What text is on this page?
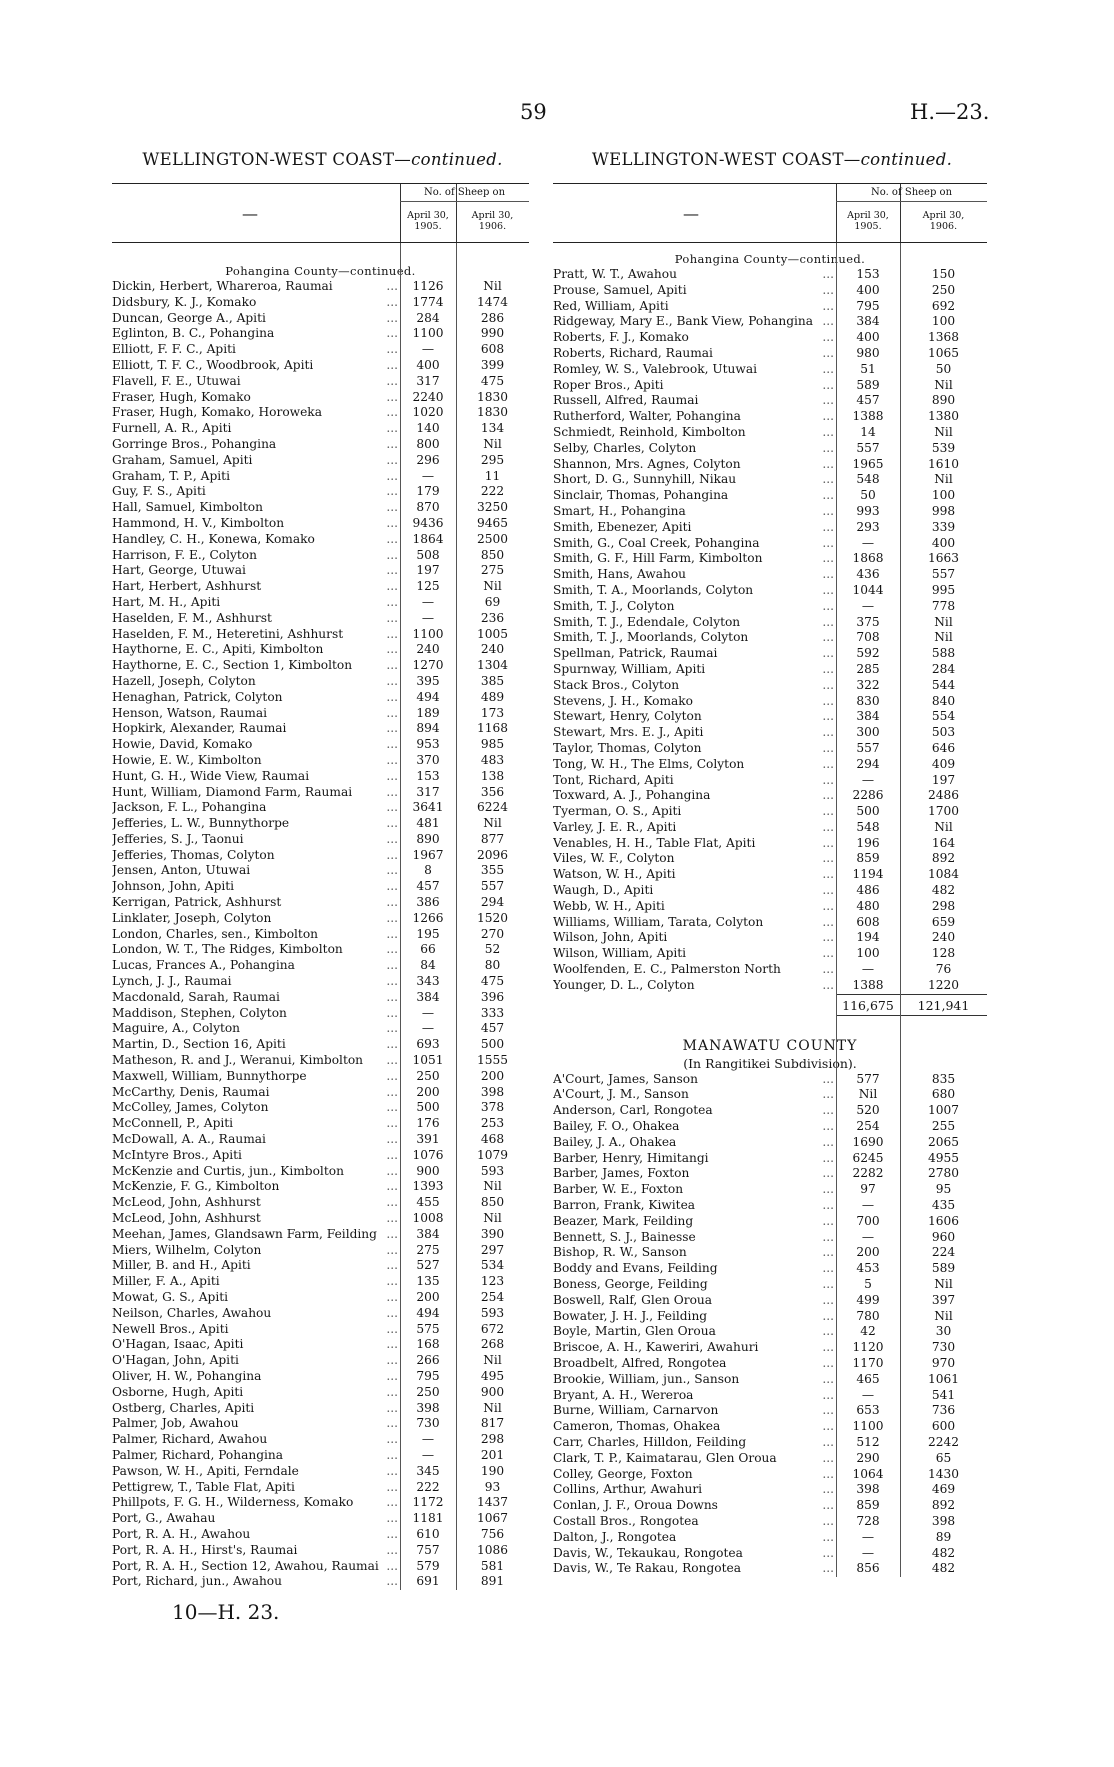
59	H.—23.
WELLINGTON-WEST COAST—continued.
—
No. of Sheep on
April 30,
1905.
April 30,
1906.
Pohangina County—continued.
Dickin, Herbert, Whareroa, Raumai	...	1126	Nil
Didsbury, K. J., Komako	...	1774	1474
Duncan, George A., Apiti	...	284	286
Eglinton, B. C., Pohangina	...	1100	990
Elliott, F. F. C., Apiti	...	—	608
Elliott, T. F. C., Woodbrook, Apiti	...	400	399
Flavell, F. E., Utuwai	...	317	475
Fraser, Hugh, Komako	...	2240	1830
Fraser, Hugh, Komako, Horoweka	...	1020	1830
Furnell, A. R., Apiti	...	140	134
Gorringe Bros., Pohangina	...	800	Nil
Graham, Samuel, Apiti	...	296	295
Graham, T. P., Apiti	...	—	11
Guy, F. S., Apiti	...	179	222
Hall, Samuel, Kimbolton	...	870	3250
Hammond, H. V., Kimbolton	...	9436	9465
Handley, C. H., Konewa, Komako	...	1864	2500
Harrison, F. E., Colyton	...	508	850
Hart, George, Utuwai	...	197	275
Hart, Herbert, Ashhurst	...	125	Nil
Hart, M. H., Apiti	...	—	69
Haselden, F. M., Ashhurst	...	—	236
Haselden, F. M., Heteretini, Ashhurst	...	1100	1005
Haythorne, E. C., Apiti, Kimbolton	...	240	240
Haythorne, E. C., Section 1, Kimbolton	...	1270	1304
Hazell, Joseph, Colyton	...	395	385
Henaghan, Patrick, Colyton	...	494	489
Henson, Watson, Raumai	...	189	173
Hopkirk, Alexander, Raumai	...	894	1168
Howie, David, Komako	...	953	985
Howie, E. W., Kimbolton	...	370	483
Hunt, G. H., Wide View, Raumai	...	153	138
Hunt, William, Diamond Farm, Raumai	...	317	356
Jackson, F. L., Pohangina	...	3641	6224
Jefferies, L. W., Bunnythorpe	...	481	Nil
Jefferies, S. J., Taonui	...	890	877
Jefferies, Thomas, Colyton	...	1967	2096
Jensen, Anton, Utuwai	...	8	355
Johnson, John, Apiti	...	457	557
Kerrigan, Patrick, Ashhurst	...	386	294
Linklater, Joseph, Colyton	...	1266	1520
London, Charles, sen., Kimbolton	...	195	270
London, W. T., The Ridges, Kimbolton	...	66	52
Lucas, Frances A., Pohangina	...	84	80
Lynch, J. J., Raumai	...	343	475
Macdonald, Sarah, Raumai	...	384	396
Maddison, Stephen, Colyton	...	—	333
Maguire, A., Colyton	...	—	457
Martin, D., Section 16, Apiti	...	693	500
Matheson, R. and J., Weranui, Kimbolton ...	1051	1555
Maxwell, William, Bunnythorpe	...	250	200
McCarthy, Denis, Raumai	...	200	398
McColley, James, Colyton	...	500	378
McConnell, P., Apiti	...	176	253
McDowall, A. A., Raumai	...	391	468
McIntyre Bros., Apiti	...	1076	1079
McKenzie and Curtis, jun., Kimbolton	...	900	593
McKenzie, F. G., Kimbolton	...	1393	Nil
McLeod, John, Ashhurst	...	455	850
McLeod, John, Ashhurst	...	1008	Nil
Meehan, James, Glandsawn Farm, Feilding ...	384	390
Miers, Wilhelm, Colyton	...	275	297
Miller, B. and H., Apiti	...	527	534
Miller, F. A., Apiti	...	135	123
Mowat, G. S., Apiti	...	200	254
Neilson, Charles, Awahou	...	494	593
Newell Bros., Apiti	...	575	672
O'Hagan, Isaac, Apiti	...	168	268
O'Hagan, John, Apiti	...	266	Nil
Oliver, H. W., Pohangina	...	795	495
Osborne, Hugh, Apiti	...	250	900
Ostberg, Charles, Apiti	...	398	Nil
Palmer, Job, Awahou	...	730	817
Palmer, Richard, Awahou	...	—	298
Palmer, Richard, Pohangina	...	—	201
Pawson, W. H., Apiti, Ferndale	...	345	190
Pettigrew, T., Table Flat, Apiti	...	222	93
Phillpots, F. G. H., Wilderness, Komako	...	1172	1437
Port, G., Awahau	...	1181	1067
Port, R. A. H., Awahou	...	610	756
Port, R. A. H., Hirst's, Raumai	...	757	1086
Port, R. A. H., Section 12, Awahou, Raumai ...	579	581
Port, Richard, jun., Awahou	...	691	891
10—H. 23.
WELLINGTON-WEST COAST—continued.
—
No. of Sheep on
April 30,
1905.
April 30,
1906.
Pohangina County—continued.
Pratt, W. T., Awahou	...	153	150
Prouse, Samuel, Apiti	...	400	250
Red, William, Apiti	...	795	692
Ridgeway, Mary E., Bank View, Pohangina ...	384	100
Roberts, F. J., Komako	...	400	1368
Roberts, Richard, Raumai	...	980	1065
Romley, W. S., Valebrook, Utuwai	...	51	50
Roper Bros., Apiti	...	589	Nil
Russell, Alfred, Raumai	...	457	890
Rutherford, Walter, Pohangina	...	1388	1380
Schmiedt, Reinhold, Kimbolton	...	14	Nil
Selby, Charles, Colyton	...	557	539
Shannon, Mrs. Agnes, Colyton	...	1965	1610
Short, D. G., Sunnyhill, Nikau	...	548	Nil
Sinclair, Thomas, Pohangina	...	50	100
Smart, H., Pohangina	...	993	998
Smith, Ebenezer, Apiti	...	293	339
Smith, G., Coal Creek, Pohangina	...	—	400
Smith, G. F., Hill Farm, Kimbolton	...	1868	1663
Smith, Hans, Awahou	...	436	557
Smith, T. A., Moorlands, Colyton	...	1044	995
Smith, T. J., Colyton	...	—	778
Smith, T. J., Edendale, Colyton	...	375	Nil
Smith, T. J., Moorlands, Colyton	...	708	Nil
Spellman, Patrick, Raumai	...	592	588
Spurnway, William, Apiti	...	285	284
Stack Bros., Colyton	...	322	544
Stevens, J. H., Komako	...	830	840
Stewart, Henry, Colyton	...	384	554
Stewart, Mrs. E. J., Apiti	...	300	503
Taylor, Thomas, Colyton	...	557	646
Tong, W. H., The Elms, Colyton	...	294	409
Tont, Richard, Apiti	...	—	197
Toxward, A. J., Pohangina	...	2286	2486
Tyerman, O. S., Apiti	...	500	1700
Varley, J. E. R., Apiti	...	548	Nil
Venables, H. H., Table Flat, Apiti	...	196	164
Viles, W. F., Colyton	...	859	892
Watson, W. H., Apiti	...	1194	1084
Waugh, D., Apiti	...	486	482
Webb, W. H., Apiti	...	480	298
Williams, William, Tarata, Colyton	...	608	659
Wilson, John, Apiti	...	194	240
Wilson, William, Apiti	...	100	128
Woolfenden, E. C., Palmerston North	...	—	76
Younger, D. L., Colyton	...	1388	1220
116,675	121,941
MANAWATU COUNTY
(In Rangitikei Subdivision).
A'Court, James, Sanson	...	577	835
A'Court, J. M., Sanson	...	Nil	680
Anderson, Carl, Rongotea	...	520	1007
Bailey, F. O., Ohakea	...	254	255
Bailey, J. A., Ohakea	...	1690	2065
Barber, Henry, Himitangi	...	6245	4955
Barber, James, Foxton	...	2282	2780
Barber, W. E., Foxton	...	97	95
Barron, Frank, Kiwitea	...	—	435
Beazer, Mark, Feilding	...	700	1606
Bennett, S. J., Bainesse	...	—	960
Bishop, R. W., Sanson	...	200	224
Boddy and Evans, Feilding	...	453	589
Boness, George, Feilding	...	5	Nil
Boswell, Ralf, Glen Oroua	...	499	397
Bowater, J. H. J., Feilding	...	780	Nil
Boyle, Martin, Glen Oroua	...	42	30
Briscoe, A. H., Kaweriri, Awahuri	...	1120	730
Broadbelt, Alfred, Rongotea	...	1170	970
Brookie, William, jun., Sanson	...	465	1061
Bryant, A. H., Wereroa	...	—	541
Burne, William, Carnarvon	...	653	736
Cameron, Thomas, Ohakea	...	1100	600
Carr, Charles, Hilldon, Feilding	...	512	2242
Clark, T. P., Kaimatarau, Glen Oroua	...	290	65
Colley, George, Foxton	...	1064	1430
Collins, Arthur, Awahuri	...	398	469
Conlan, J. F., Oroua Downs	...	859	892
Costall Bros., Rongotea	...	728	398
Dalton, J., Rongotea	...	—	89
Davis, W., Tekaukau, Rongotea	...	—	482
Davis, W., Te Rakau, Rongotea	...	856	482
